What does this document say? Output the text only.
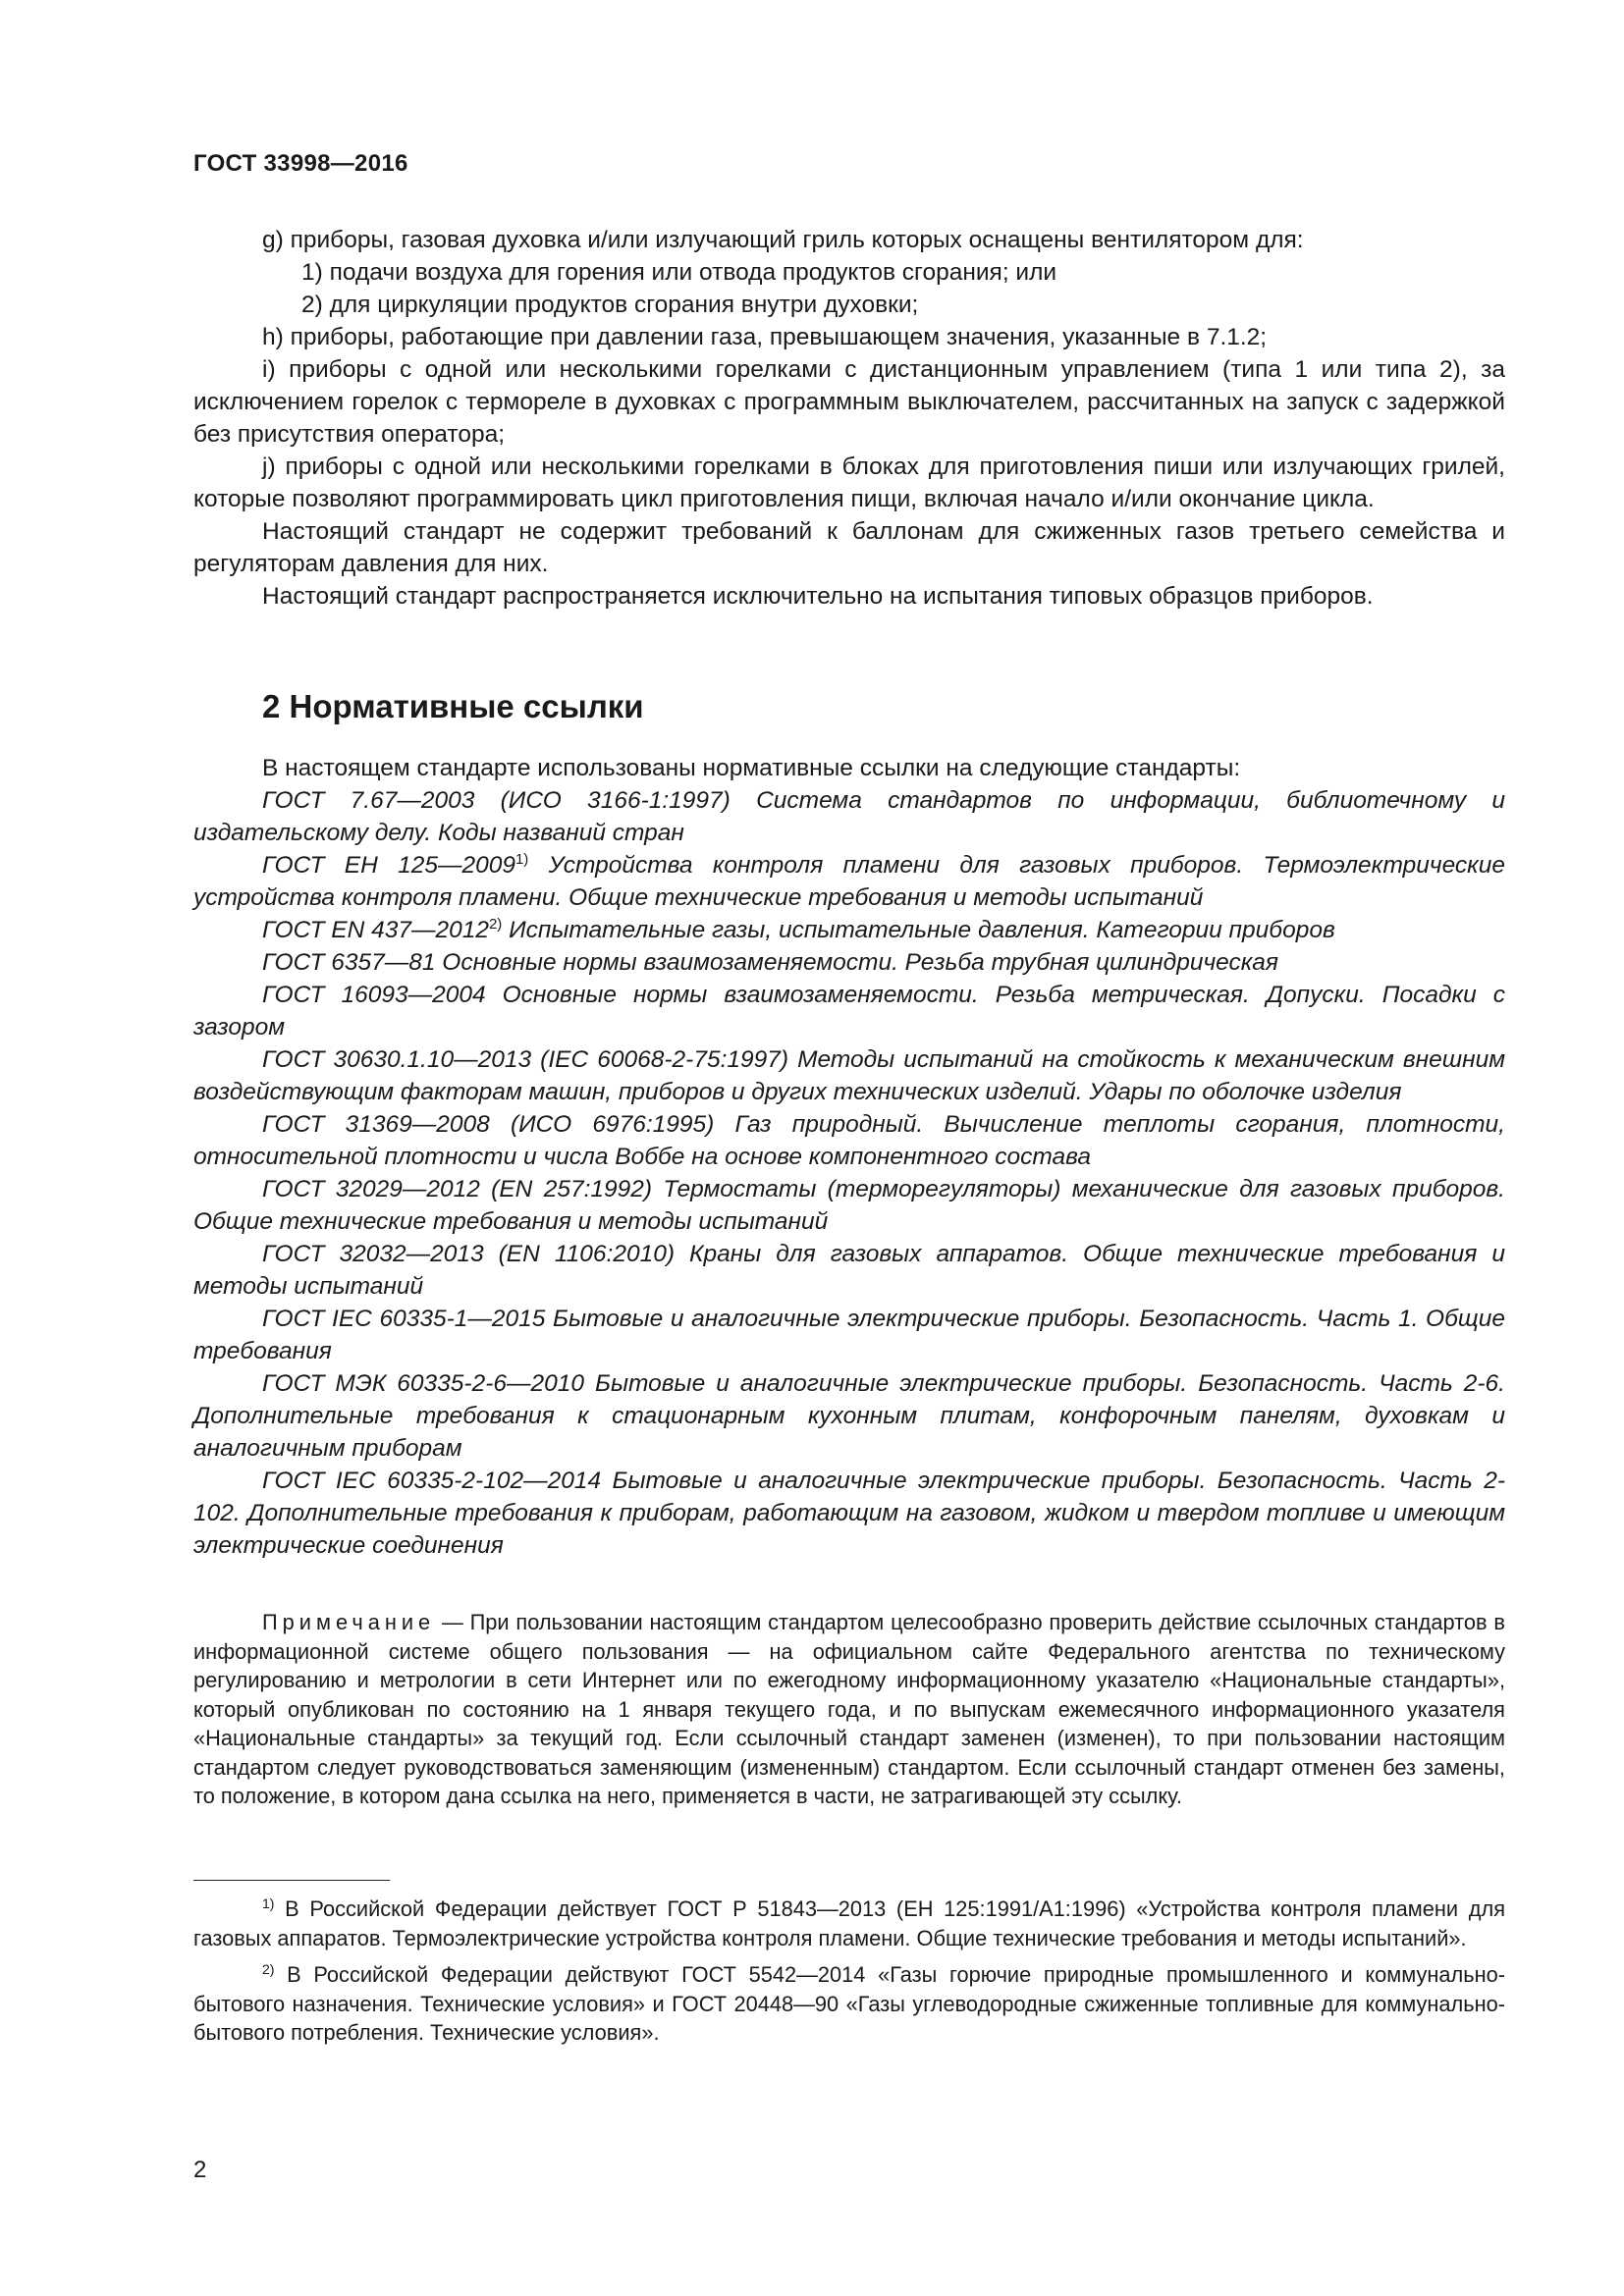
ГОСТ 33998—2016

g) приборы, газовая духовка и/или излучающий гриль которых оснащены вентилятором для:

1) подачи воздуха для горения или отвода продуктов сгорания; или

2) для циркуляции продуктов сгорания внутри духовки;

h) приборы, работающие при давлении газа, превышающем значения, указанные в 7.1.2;

i) приборы с одной или несколькими горелками с дистанционным управлением (типа 1 или типа 2), за исключением горелок с термореле в духовках с программным выключателем, рассчитанных на запуск с задержкой без присутствия оператора;

j) приборы с одной или несколькими горелками в блоках для приготовления пиши или излучающих грилей, которые позволяют программировать цикл приготовления пищи, включая начало и/или окончание цикла.

Настоящий стандарт не содержит требований к баллонам для сжиженных газов третьего семейства и регуляторам давления для них.

Настоящий стандарт распространяется исключительно на испытания типовых образцов приборов.

2 Нормативные ссылки

В настоящем стандарте использованы нормативные ссылки на следующие стандарты:

ГОСТ 7.67—2003 (ИСО 3166-1:1997) Система стандартов по информации, библиотечному и издательскому делу. Коды названий стран

ГОСТ ЕН 125—2009$^{1)}$ Устройства контроля пламени для газовых приборов. Термоэлектрические устройства контроля пламени. Общие технические требования и методы испытаний

ГОСТ EN 437—2012$^{2)}$ Испытательные газы, испытательные давления. Категории приборов

ГОСТ 6357—81 Основные нормы взаимозаменяемости. Резьба трубная цилиндрическая

ГОСТ 16093—2004 Основные нормы взаимозаменяемости. Резьба метрическая. Допуски. Посадки с зазором

ГОСТ 30630.1.10—2013 (IEC 60068-2-75:1997) Методы испытаний на стойкость к механическим внешним воздействующим факторам машин, приборов и других технических изделий. Удары по оболочке изделия

ГОСТ 31369—2008 (ИСО 6976:1995) Газ природный. Вычисление теплоты сгорания, плотности, относительной плотности и числа Воббе на основе компонентного состава

ГОСТ 32029—2012 (EN 257:1992) Термостаты (терморегуляторы) механические для газовых приборов. Общие технические требования и методы испытаний

ГОСТ 32032—2013 (EN 1106:2010) Краны для газовых аппаратов. Общие технические требования и методы испытаний

ГОСТ IEC 60335-1—2015 Бытовые и аналогичные электрические приборы. Безопасность. Часть 1. Общие требования

ГОСТ МЭК 60335-2-6—2010 Бытовые и аналогичные электрические приборы. Безопасность. Часть 2-6. Дополнительные требования к стационарным кухонным плитам, конфорочным панелям, духовкам и аналогичным приборам

ГОСТ IEC 60335-2-102—2014 Бытовые и аналогичные электрические приборы. Безопасность. Часть 2-102. Дополнительные требования к приборам, работающим на газовом, жидком и твердом топливе и имеющим электрические соединения

Примечание — При пользовании настоящим стандартом целесообразно проверить действие ссылочных стандартов в информационной системе общего пользования — на официальном сайте Федерального агентства по техническому регулированию и метрологии в сети Интернет или по ежегодному информационному указателю «Национальные стандарты», который опубликован по состоянию на 1 января текущего года, и по выпускам ежемесячного информационного указателя «Национальные стандарты» за текущий год. Если ссылочный стандарт заменен (изменен), то при пользовании настоящим стандартом следует руководствоваться заменяющим (измененным) стандартом. Если ссылочный стандарт отменен без замены, то положение, в котором дана ссылка на него, применяется в части, не затрагивающей эту ссылку.

$^{1)}$ В Российской Федерации действует ГОСТ Р 51843—2013 (ЕН 125:1991/А1:1996) «Устройства контроля пламени для газовых аппаратов. Термоэлектрические устройства контроля пламени. Общие технические требования и методы испытаний».

$^{2)}$ В Российской Федерации действуют ГОСТ 5542—2014 «Газы горючие природные промышленного и коммунально-бытового назначения. Технические условия» и ГОСТ 20448—90 «Газы углеводородные сжиженные топливные для коммунально-бытового потребления. Технические условия».

2
